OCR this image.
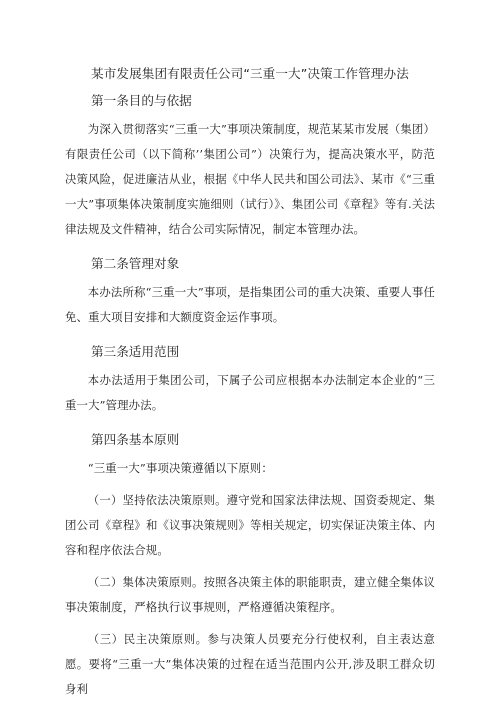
某市发展集团有限责任公司“三重一大”决策工作管理办法
第一条目的与依据

为深入贯彻落实“三重一大”事项决策制度，规范某某市发展（集团）有限责任公司（以下简称’’集团公司”）决策行为，提高决策水平，防范决策风险，促进廉洁从业，根据《中华人民共和国公司法》、某市《“三重一大”事项集体决策制度实施细则（试行）》、集团公司《章程》等有.关法律法规及文件精神，结合公司实际情况，制定本管理办法。

第二条管理对象

本办法所称“三重一大”事项，是指集团公司的重大决策、重要人事任免、重大项目安排和大额度资金运作事项。

第三条适用范围

本办法适用于集团公司，下属子公司应根据本办法制定本企业的“三重一大”管理办法。

第四条基本原则

“三重一大”事项决策遵循以下原则：

（一）坚持依法决策原则。遵守党和国家法律法规、国资委规定、集团公司《章程》和《议事决策规则》等相关规定，切实保证决策主体、内容和程序依法合规。

（二）集体决策原则。按照各决策主体的职能职责，建立健全集体议事决策制度，严格执行议事规则，严格遵循决策程序。

（三）民主决策原则。参与决策人员要充分行使权利，自主表达意愿。要将“三重一大”集体决策的过程在适当范围内公开,涉及职工群众切身利
